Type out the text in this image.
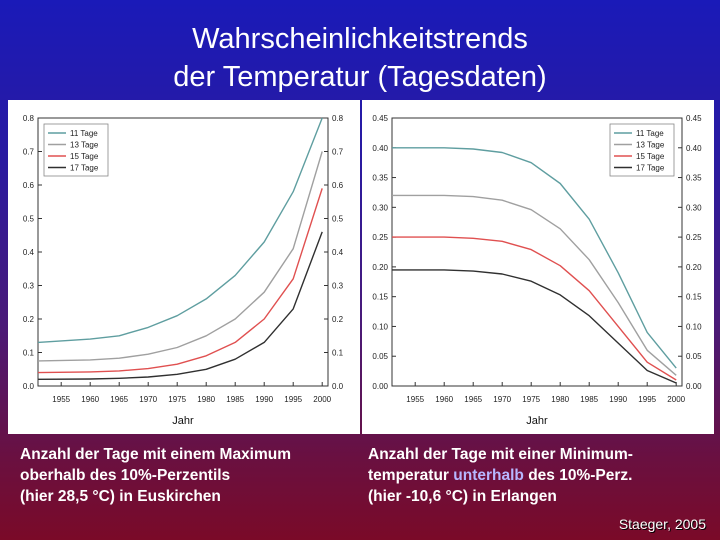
Wahrscheinlichkeitstrends
der Temperatur (Tagesdaten)
0.0	0.0
0.1	0.1
0.2	0.2
0.3	0.3
0.4	0.4
0.5	0.5
0.6	0.6
0.7	0.7
0.8	0.8
1955 1960 1965 1970 1975 1980 1985 1990 1995 2000
Jahr
11 Tage
13 Tage
15 Tage
17 Tage
0.00	0.00
0.05	0.05
0.10	0.10
0.15	0.15
0.20	0.20
0.25	0.25
0.30	0.30
0.35	0.35
0.40	0.40
0.45	0.45
1955 1960 1965 1970 1975 1980 1985 1990 1995 2000
Jahr
11 Tage
13 Tage
15 Tage
17 Tage
Anzahl der Tage mit einem Maximum
oberhalb des 10%-Perzentils
(hier 28,5 °C) in Euskirchen
Anzahl der Tage mit einer Minimum-
temperatur unterhalb des 10%-Perz.
(hier -10,6 °C) in Erlangen
Staeger, 2005
